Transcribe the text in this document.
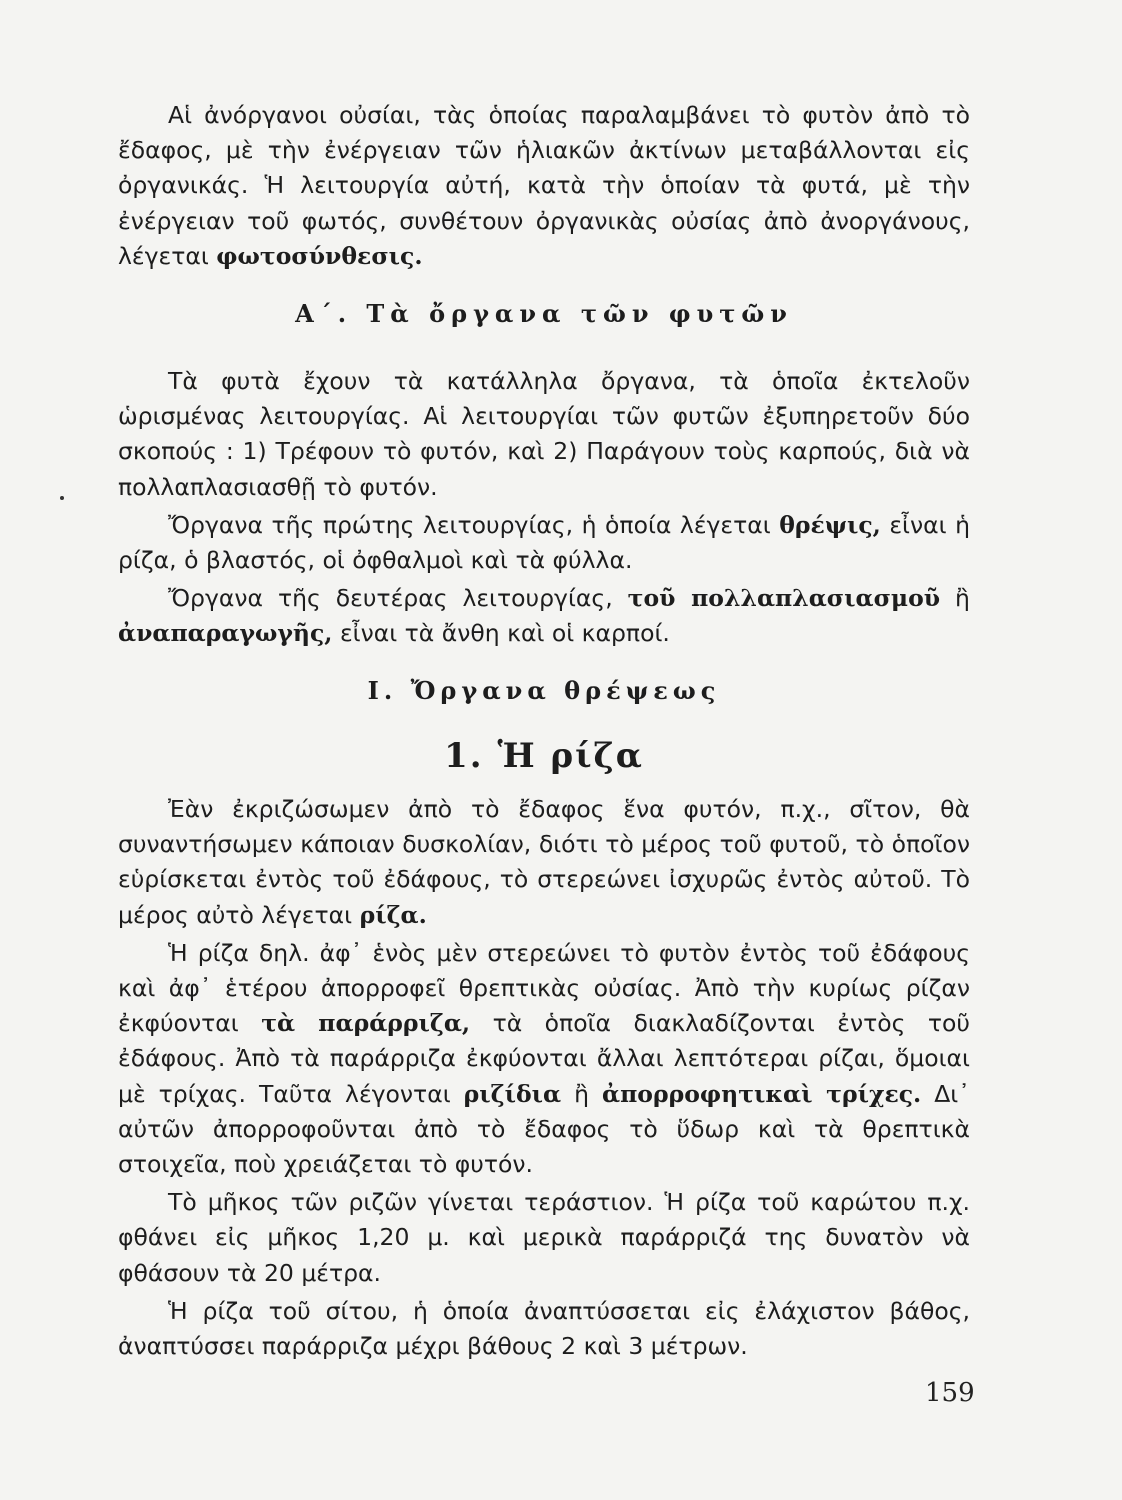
Αἱ ἀνόργανοι οὐσίαι, τὰς ὁποίας παραλαμβάνει τὸ φυτὸν ἀπὸ τὸ ἔδαφος, μὲ τὴν ἐνέργειαν τῶν ἡλιακῶν ἀκτίνων μεταβάλλονται εἰς ὀργανικάς. Ἡ λειτουργία αὐτή, κατὰ τὴν ὁποίαν τὰ φυτά, μὲ τὴν ἐνέργειαν τοῦ φωτός, συνθέτουν ὀργανικὰς οὐσίας ἀπὸ ἀνοργάνους, λέγεται φωτοσύνθεσις.

Α΄. Τὰ ὄργανα τῶν φυτῶν

Τὰ φυτὰ ἔχουν τὰ κατάλληλα ὄργανα, τὰ ὁποῖα ἐκτελοῦν ὡρισμένας λειτουργίας. Αἱ λειτουργίαι τῶν φυτῶν ἐξυπηρετοῦν δύο σκοπούς : 1) Τρέφουν τὸ φυτόν, καὶ 2) Παράγουν τοὺς καρπούς, διὰ νὰ πολλαπλασιασθῇ τὸ φυτόν.

Ὄργανα τῆς πρώτης λειτουργίας, ἡ ὁποία λέγεται θρέψις, εἶναι ἡ ρίζα, ὁ βλαστός, οἱ ὀφθαλμοὶ καὶ τὰ φύλλα.

Ὄργανα τῆς δευτέρας λειτουργίας, τοῦ πολλαπλασιασμοῦ ἢ ἀναπαραγωγῆς, εἶναι τὰ ἄνθη καὶ οἱ καρποί.

Ι. Ὄργανα θρέψεως
1. Ἡ ρίζα

Ἐὰν ἐκριζώσωμεν ἀπὸ τὸ ἔδαφος ἕνα φυτόν, π.χ., σῖτον, θὰ συναντήσωμεν κάποιαν δυσκολίαν, διότι τὸ μέρος τοῦ φυτοῦ, τὸ ὁποῖον εὑρίσκεται ἐντὸς τοῦ ἐδάφους, τὸ στερεώνει ἰσχυρῶς ἐντὸς αὐτοῦ. Τὸ μέρος αὐτὸ λέγεται ρίζα.

Ἡ ρίζα δηλ. ἀφ᾿ ἑνὸς μὲν στερεώνει τὸ φυτὸν ἐντὸς τοῦ ἐδάφους καὶ ἀφ᾿ ἑτέρου ἀπορροφεῖ θρεπτικὰς οὐσίας. Ἀπὸ τὴν κυρίως ρίζαν ἐκφύονται τὰ παράρριζα, τὰ ὁποῖα διακλαδίζονται ἐντὸς τοῦ ἐδάφους. Ἀπὸ τὰ παράρριζα ἐκφύονται ἄλλαι λεπτότεραι ρίζαι, ὅμοιαι μὲ τρίχας. Ταῦτα λέγονται ριζίδια ἢ ἀπορροφητικαὶ τρίχες. Δι᾿ αὐτῶν ἀπορροφοῦνται ἀπὸ τὸ ἔδαφος τὸ ὕδωρ καὶ τὰ θρεπτικὰ στοιχεῖα, ποὺ χρειάζεται τὸ φυτόν.

Τὸ μῆκος τῶν ριζῶν γίνεται τεράστιον. Ἡ ρίζα τοῦ καρώτου π.χ. φθάνει εἰς μῆκος 1,20 μ. καὶ μερικὰ παράρριζά της δυνατὸν νὰ φθάσουν τὰ 20 μέτρα.

Ἡ ρίζα τοῦ σίτου, ἡ ὁποία ἀναπτύσσεται εἰς ἐλάχιστον βάθος, ἀναπτύσσει παράρριζα μέχρι βάθους 2 καὶ 3 μέτρων.

159
